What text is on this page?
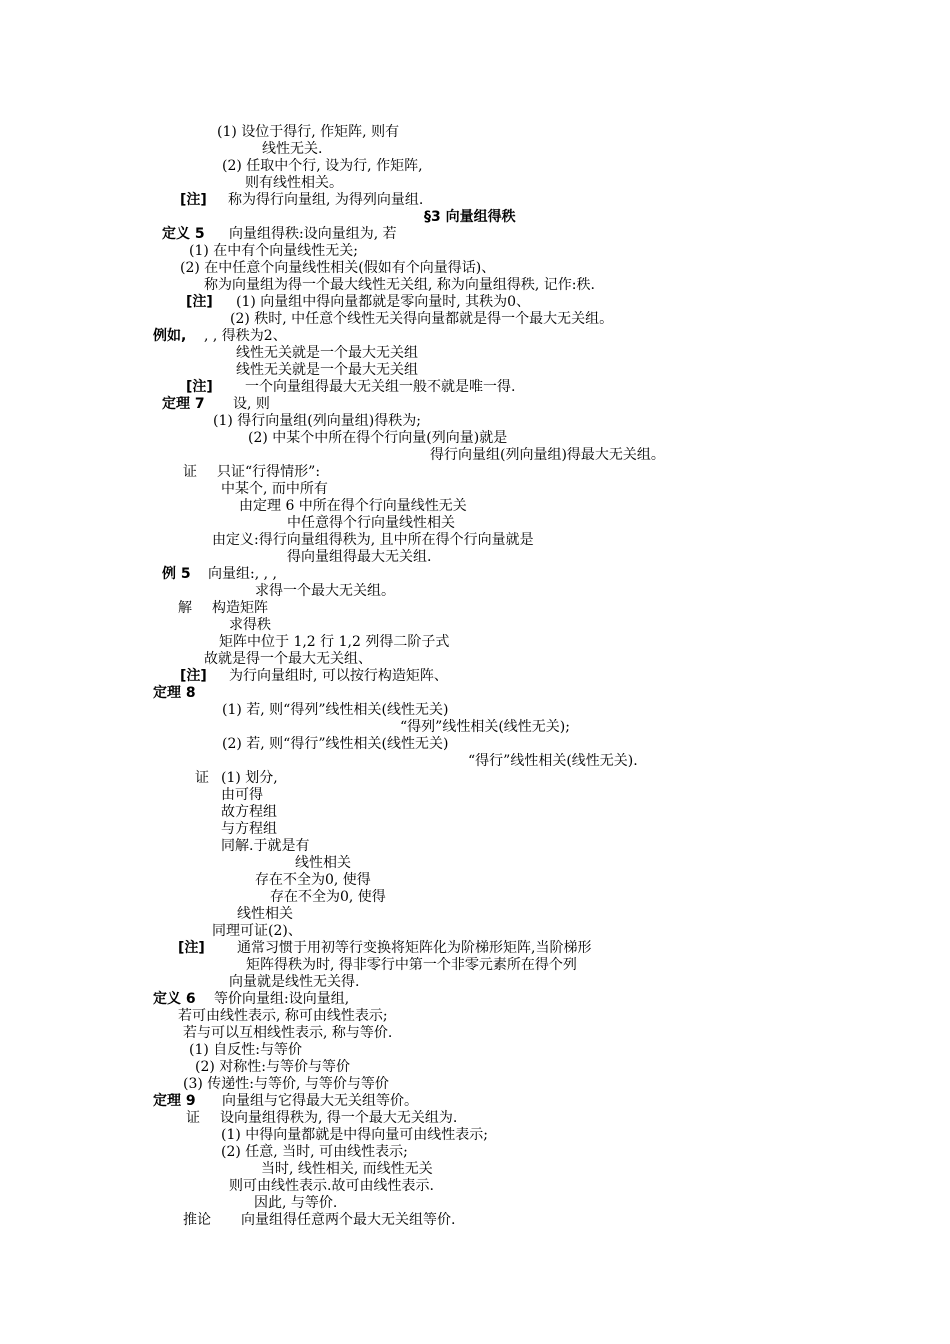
(1) 设位于得行, 作矩阵, 则有
线性无关.
(2) 任取中个行, 设为行, 作矩阵,
则有线性相关。
[注] 称为得行向量组, 为得列向量组.
§3 向量组得秩
定义 5 向量组得秩:设向量组为, 若
(1) 在中有个向量线性无关;
(2) 在中任意个向量线性相关(假如有个向量得话)、
称为向量组为得一个最大线性无关组, 称为向量组得秩, 记作:秩.
[注] (1) 向量组中得向量都就是零向量时, 其秩为0、
(2) 秩时, 中任意个线性无关得向量都就是得一个最大无关组。
例如, , , 得秩为2、
线性无关就是一个最大无关组
线性无关就是一个最大无关组
[注] 一个向量组得最大无关组一般不就是唯一得.
定理 7 设, 则
(1) 得行向量组(列向量组)得秩为;
(2) 中某个中所在得个行向量(列向量)就是
得行向量组(列向量组)得最大无关组。
证 只证“行得情形”:
中某个, 而中所有
由定理 6 中所在得个行向量线性无关
中任意得个行向量线性相关
由定义:得行向量组得秩为, 且中所在得个行向量就是
得向量组得最大无关组.
例 5 向量组:, , ,
求得一个最大无关组。
解 构造矩阵
求得秩
矩阵中位于 1,2 行 1,2 列得二阶子式
故就是得一个最大无关组、
[注] 为行向量组时, 可以按行构造矩阵、
定理 8
(1) 若, 则“得列”线性相关(线性无关)
“得列”线性相关(线性无关);
(2) 若, 则“得行”线性相关(线性无关)
“得行”线性相关(线性无关).
证 (1) 划分,
由可得
故方程组
与方程组
同解.于就是有
线性相关
存在不全为0, 使得
存在不全为0, 使得
线性相关
同理可证(2)、
[注] 通常习惯于用初等行变换将矩阵化为阶梯形矩阵,当阶梯形
矩阵得秩为时, 得非零行中第一个非零元素所在得个列
向量就是线性无关得.
定义 6 等价向量组:设向量组,
若可由线性表示, 称可由线性表示;
若与可以互相线性表示, 称与等价.
(1) 自反性:与等价
(2) 对称性:与等价与等价
(3) 传递性:与等价, 与等价与等价
定理 9 向量组与它得最大无关组等价。
证 设向量组得秩为, 得一个最大无关组为.
(1) 中得向量都就是中得向量可由线性表示;
(2) 任意, 当时, 可由线性表示;
当时, 线性相关, 而线性无关
则可由线性表示.故可由线性表示.
因此, 与等价.
推论 向量组得任意两个最大无关组等价.
